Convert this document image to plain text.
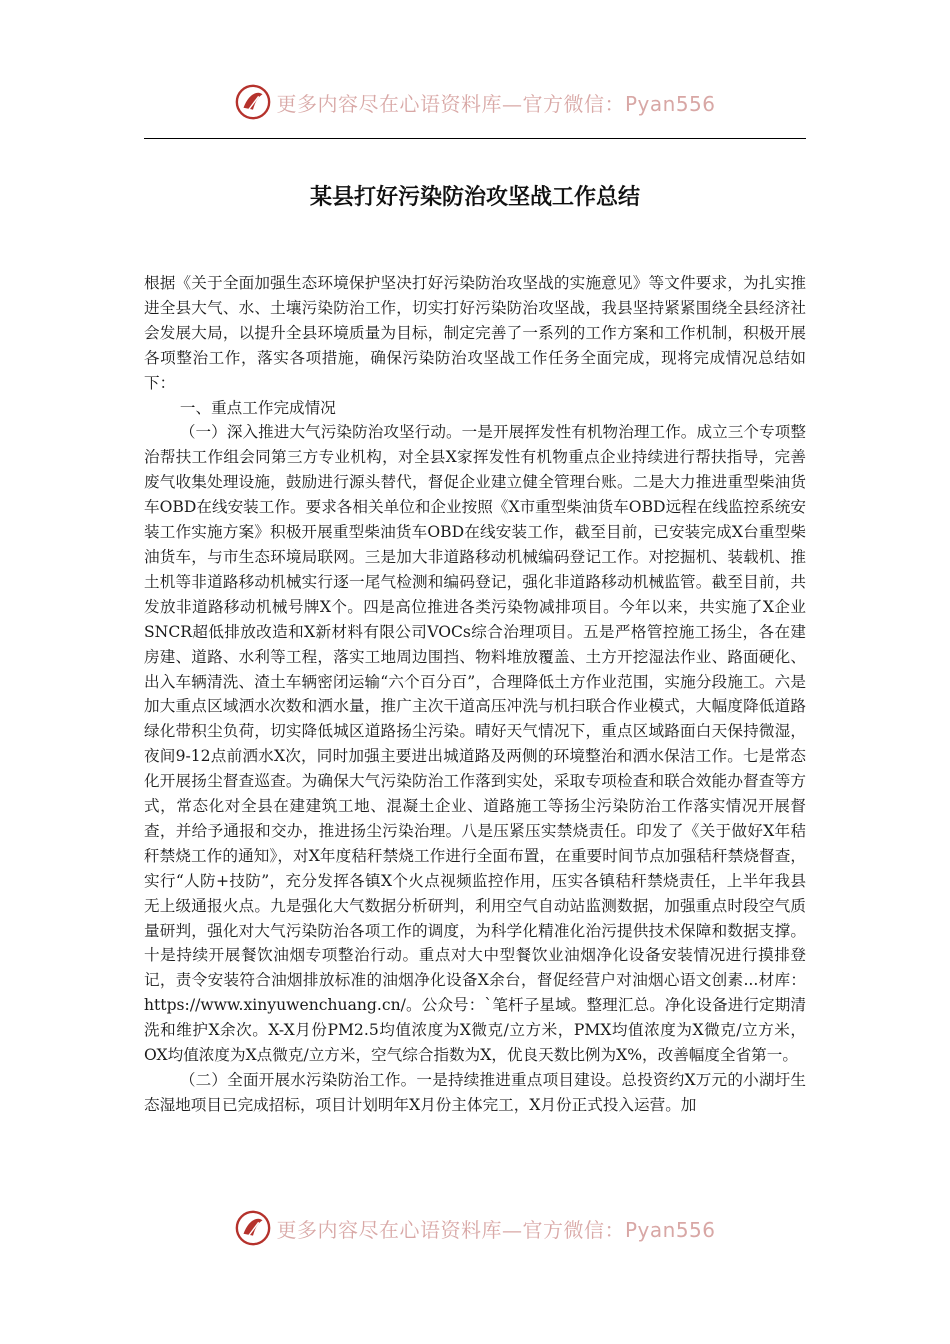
更多内容尽在心语资料库—官方微信：Pyan556
某县打好污染防治攻坚战工作总结

根据《关于全面加强生态环境保护坚决打好污染防治攻坚战的实施意见》等文件要求，为扎实推进全县大气、水、土壤污染防治工作，切实打好污染防治攻坚战，我县坚持紧紧围绕全县经济社会发展大局，以提升全县环境质量为目标，制定完善了一系列的工作方案和工作机制，积极开展各项整治工作，落实各项措施，确保污染防治攻坚战工作任务全面完成，现将完成情况总结如下：

一、重点工作完成情况

（一）深入推进大气污染防治攻坚行动。一是开展挥发性有机物治理工作。成立三个专项整治帮扶工作组会同第三方专业机构，对全县X家挥发性有机物重点企业持续进行帮扶指导，完善废气收集处理设施，鼓励进行源头替代，督促企业建立健全管理台账。二是大力推进重型柴油货车OBD在线安装工作。要求各相关单位和企业按照《X市重型柴油货车OBD远程在线监控系统安装工作实施方案》积极开展重型柴油货车OBD在线安装工作，截至目前，已安装完成X台重型柴油货车，与市生态环境局联网。三是加大非道路移动机械编码登记工作。对挖掘机、装载机、推土机等非道路移动机械实行逐一尾气检测和编码登记，强化非道路移动机械监管。截至目前，共发放非道路移动机械号牌X个。四是高位推进各类污染物减排项目。今年以来，共实施了X企业SNCR超低排放改造和X新材料有限公司VOCs综合治理项目。五是严格管控施工扬尘，各在建房建、道路、水利等工程，落实工地周边围挡、物料堆放覆盖、土方开挖湿法作业、路面硬化、出入车辆清洗、渣土车辆密闭运输“六个百分百”，合理降低土方作业范围，实施分段施工。六是加大重点区域洒水次数和洒水量，推广主次干道高压冲洗与机扫联合作业模式，大幅度降低道路绿化带积尘负荷，切实降低城区道路扬尘污染。晴好天气情况下，重点区域路面白天保持微湿，夜间9-12点前洒水X次，同时加强主要进出城道路及两侧的环境整治和洒水保洁工作。七是常态化开展扬尘督查巡查。为确保大气污染防治工作落到实处，采取专项检查和联合效能办督查等方式，常态化对全县在建建筑工地、混凝土企业、道路施工等扬尘污染防治工作落实情况开展督查，并给予通报和交办，推进扬尘污染治理。八是压紧压实禁烧责任。印发了《关于做好X年秸秆禁烧工作的通知》，对X年度秸秆禁烧工作进行全面布置，在重要时间节点加强秸秆禁烧督查，实行“人防+技防”，充分发挥各镇X个火点视频监控作用，压实各镇秸秆禁烧责任，上半年我县无上级通报火点。九是强化大气数据分析研判，利用空气自动站监测数据，加强重点时段空气质量研判，强化对大气污染防治各项工作的调度，为科学化精准化治污提供技术保障和数据支撑。十是持续开展餐饮油烟专项整治行动。重点对大中型餐饮业油烟净化设备安装情况进行摸排登记，责令安装符合油烟排放标准的油烟净化设备X余台，督促经营户对油烟心语文创素...材库：https://www.xinyuwenchuang.cn/。公众号：`笔杆子星域。整理汇总。净化设备进行定期清洗和维护X余次。X-X月份PM2.5均值浓度为X微克/立方米，PMX均值浓度为X微克/立方米，OX均值浓度为X点微克/立方米，空气综合指数为X，优良天数比例为X%，改善幅度全省第一。

（二）全面开展水污染防治工作。一是持续推进重点项目建设。总投资约X万元的小湖圩生态湿地项目已完成招标，项目计划明年X月份主体完工，X月份正式投入运营。加

更多内容尽在心语资料库—官方微信：Pyan556
